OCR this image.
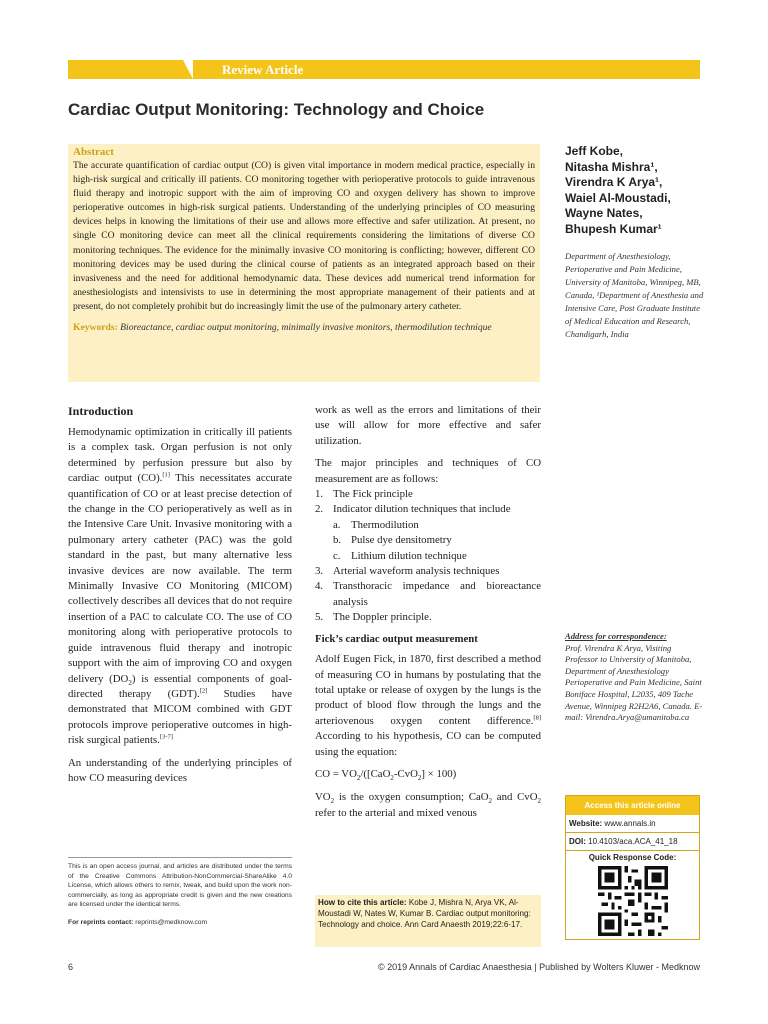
Review Article
Cardiac Output Monitoring: Technology and Choice
Abstract

The accurate quantification of cardiac output (CO) is given vital importance in modern medical practice, especially in high-risk surgical and critically ill patients. CO monitoring together with perioperative protocols to guide intravenous fluid therapy and inotropic support with the aim of improving CO and oxygen delivery has shown to improve perioperative outcomes in high-risk surgical patients. Understanding of the underlying principles of CO measuring devices helps in knowing the limitations of their use and allows more effective and safer utilization. At present, no single CO monitoring device can meet all the clinical requirements considering the limitations of diverse CO monitoring techniques. The evidence for the minimally invasive CO monitoring is conflicting; however, different CO monitoring devices may be used during the clinical course of patients as an integrated approach based on their invasiveness and the need for additional hemodynamic data. These devices add numerical trend information for anesthesiologists and intensivists to use in determining the most appropriate management of their patients and at present, do not completely prohibit but do increasingly limit the use of the pulmonary artery catheter.

Keywords: Bioreactance, cardiac output monitoring, minimally invasive monitors, thermodilution technique

Jeff Kobe,
Nitasha Mishra¹,
Virendra K Arya¹,
Waiel Al-Moustadi,
Wayne Nates,
Bhupesh Kumar¹

Department of Anesthesiology, Perioperative and Pain Medicine, University of Manitoba, Winnipeg, MB, Canada, ¹Department of Anesthesia and Intensive Care, Post Graduate Institute of Medical Education and Research, Chandigarh, India

Introduction

Hemodynamic optimization in critically ill patients is a complex task. Organ perfusion is not only determined by perfusion pressure but also by cardiac output (CO).[1] This necessitates accurate quantification of CO or at least precise detection of the change in the CO perioperatively as well as in the Intensive Care Unit. Invasive monitoring with a pulmonary artery catheter (PAC) was the gold standard in the past, but many alternative less invasive devices are now available. The term Minimally Invasive CO Monitoring (MICOM) collectively describes all devices that do not require insertion of a PAC to calculate CO. The use of CO monitoring along with perioperative protocols to guide intravenous fluid therapy and inotropic support with the aim of improving CO and oxygen delivery $(DO_2)$ is essential components of goal-directed therapy (GDT).[2] Studies have demonstrated that MICOM combined with GDT protocols improve perioperative outcomes in high-risk surgical patients.[3-7]

An understanding of the underlying principles of how CO measuring devices

work as well as the errors and limitations of their use will allow for more effective and safer utilization.

The major principles and techniques of CO measurement are as follows:

1. The Fick principle
2. Indicator dilution techniques that include
a. Thermodilution
b. Pulse dye densitometry
c. Lithium dilution technique
3. Arterial waveform analysis techniques
4. Transthoracic impedance and bioreactance analysis
5. The Doppler principle.
Fick’s cardiac output measurement

Adolf Eugen Fick, in 1870, first described a method of measuring CO in humans by postulating that the total uptake or release of oxygen by the lungs is the product of blood flow through the lungs and the arteriovenous oxygen content difference.[8] According to his hypothesis, CO can be computed using the equation:

CO = $VO_2/([CaO_2-CvO_2] \times 100)$

$VO_2$ is the oxygen consumption; CaO$_2$ and CvO$_2$ refer to the arterial and mixed venous

This is an open access journal, and articles are distributed under the terms of the Creative Commons Attribution-NonCommercial-ShareAlike 4.0 License, which allows others to remix, tweak, and build upon the work non-commercially, as long as appropriate credit is given and the new creations are licensed under the identical terms.

For reprints contact: reprints@medknow.com

Address for correspondence:
Prof. Virendra K Arya, Visiting Professor to University of Manitoba, Department of Anesthesiology Perioperative and Pain Medicine, Saint Boniface Hospital, L2035, 409 Tache Avenue, Winnipeg R2H2A6, Canada. E-mail: Virendra.Arya@umanitoba.ca
Access this article online
Website: www.annals.in
DOI: 10.4103/aca.ACA_41_18
Quick Response Code:
How to cite this article: Kobe J, Mishra N, Arya VK, Al-Moustadi W, Nates W, Kumar B. Cardiac output monitoring: Technology and choice. Ann Card Anaesth 2019;22:6-17.
6	© 2019 Annals of Cardiac Anaesthesia | Published by Wolters Kluwer - Medknow
